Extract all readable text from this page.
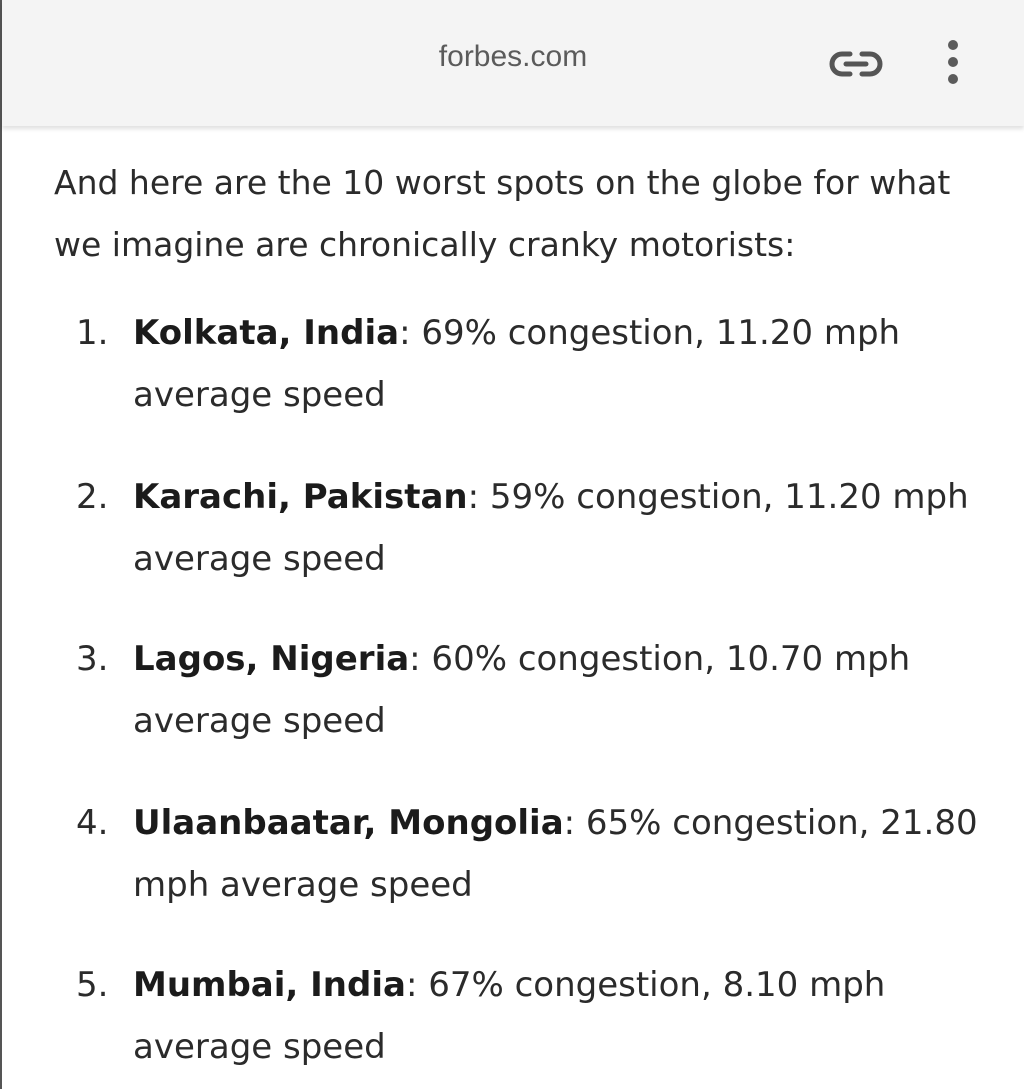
forbes.com

And here are the 10 worst spots on the globe for what we imagine are chronically cranky motorists:

1. Kolkata, India: 69% congestion, 11.20 mph average speed
2. Karachi, Pakistan: 59% congestion, 11.20 mph average speed
3. Lagos, Nigeria: 60% congestion, 10.70 mph average speed
4. Ulaanbaatar, Mongolia: 65% congestion, 21.80 mph average speed
5. Mumbai, India: 67% congestion, 8.10 mph average speed
